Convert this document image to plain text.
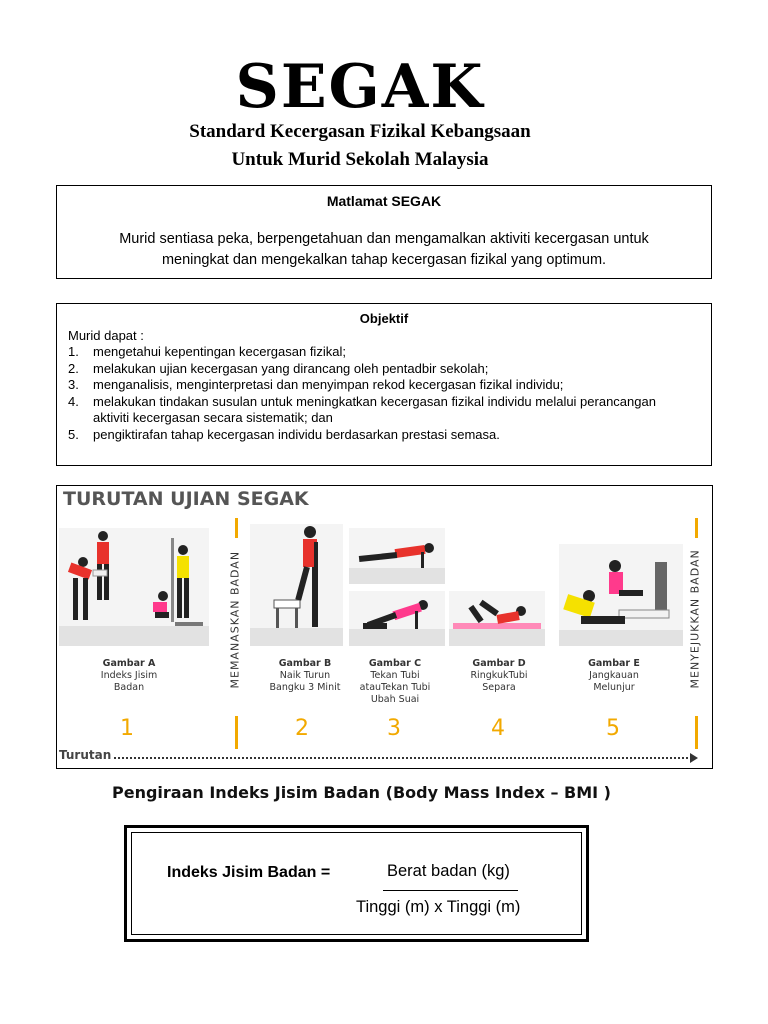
SEGAK
Standard Kecergasan Fizikal Kebangsaan
Untuk Murid Sekolah Malaysia
Matlamat SEGAK
Murid sentiasa peka, berpengetahuan dan mengamalkan aktiviti kecergasan untuk
meningkat dan mengekalkan tahap kecergasan fizikal yang optimum.
Objektif
Murid dapat :
1.	mengetahui kepentingan kecergasan fizikal;
2.	melakukan ujian kecergasan yang dirancang oleh pentadbir sekolah;
3.	menganalisis, menginterpretasi dan menyimpan rekod kecergasan fizikal individu;
4.	melakukan tindakan susulan untuk meningkatkan kecergasan fizikal individu melalui perancangan aktiviti kecergasan secara sistematik; dan
5.	pengiktirafan tahap kecergasan individu berdasarkan prestasi semasa.
TURUTAN UJIAN SEGAK
MEMANASKAN BADAN	MENYEJUKKAN BADAN
Gambar A
Indeks Jisim
Badan
Gambar B
Naik Turun
Bangku 3 Minit
Gambar C
Tekan Tubi
atauTekan Tubi
Ubah Suai
Gambar D
RingkukTubi
Separa
Gambar E
Jangkauan
Melunjur
1	2	3	4	5
Turutan
Pengiraan Indeks Jisim Badan (Body Mass Index – BMI )
Indeks Jisim Badan =	Berat badan (kg)
Tinggi (m) x Tinggi (m)
